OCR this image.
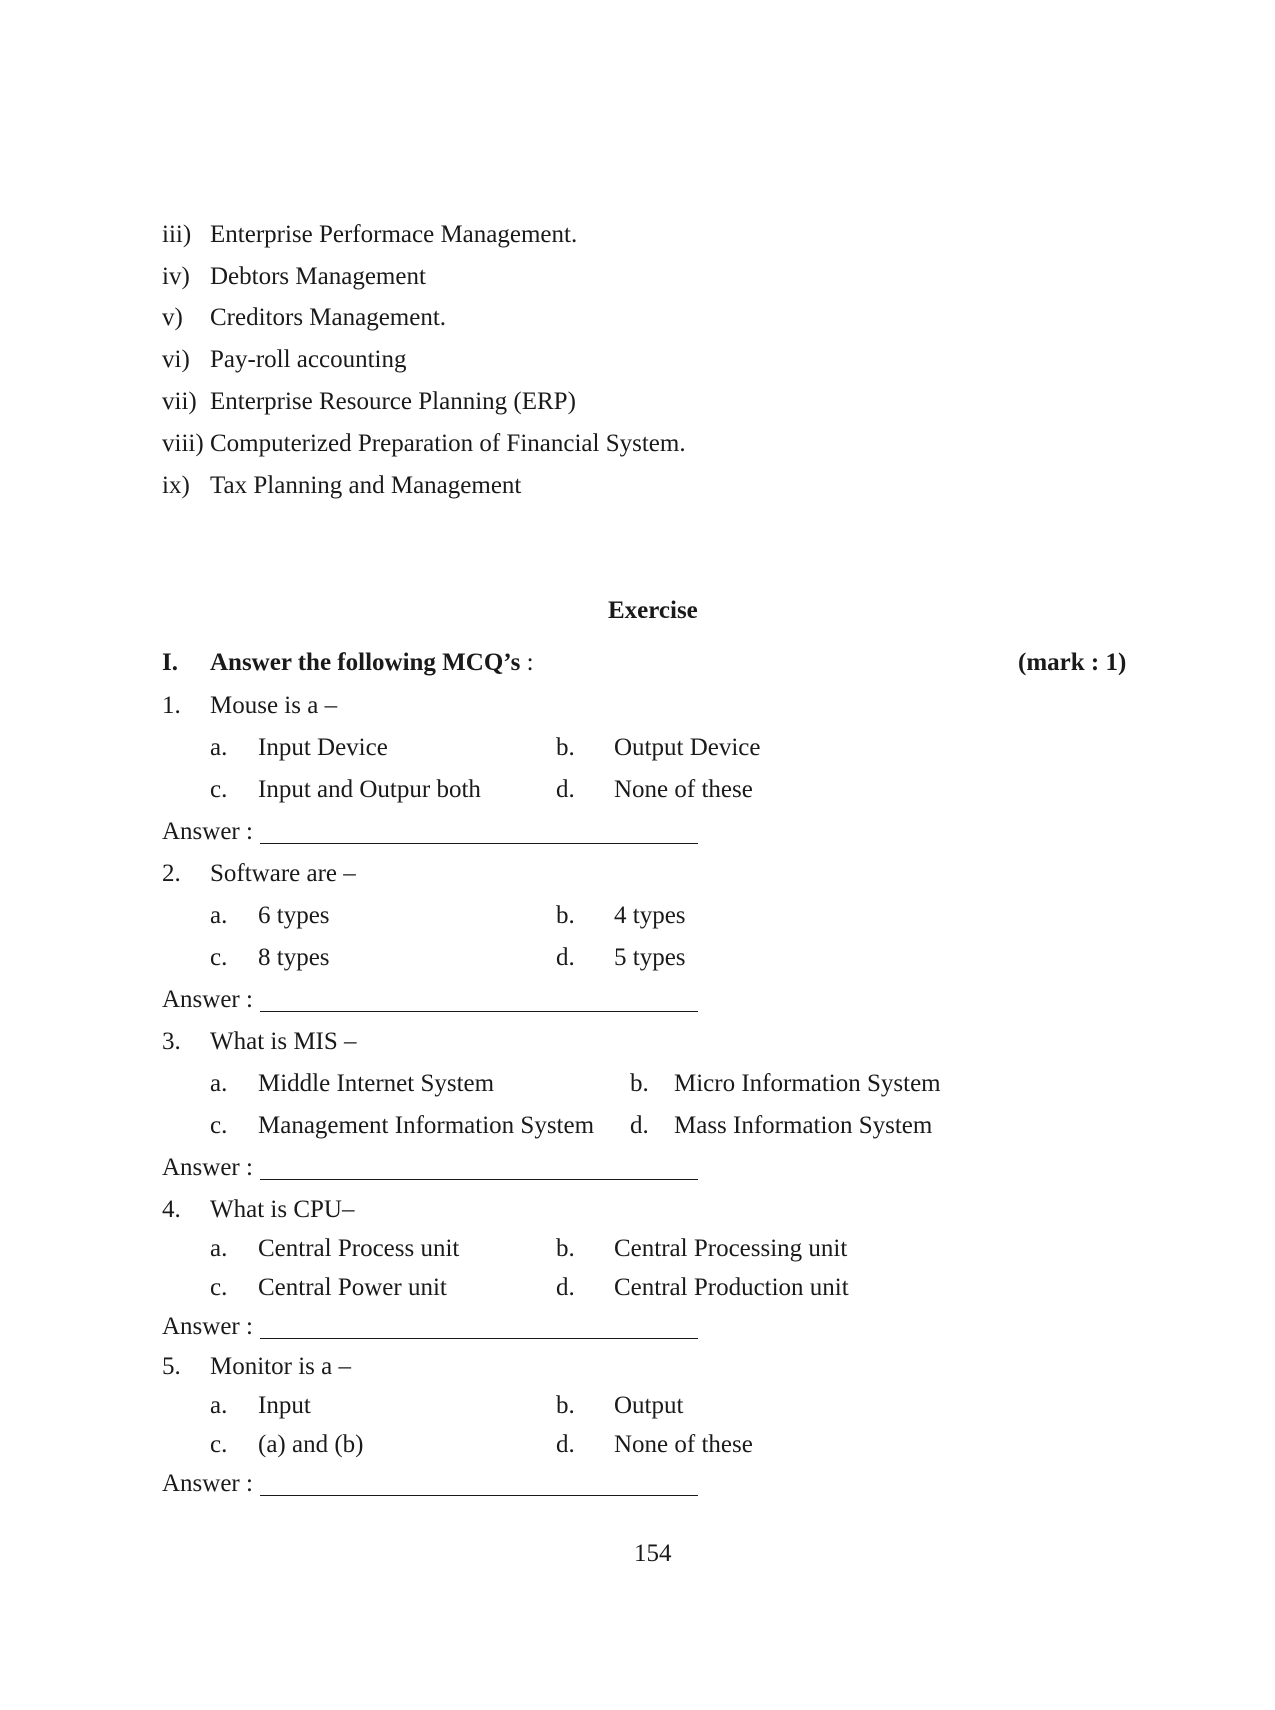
iii) Enterprise Performace Management.
iv) Debtors Management
v) Creditors Management.
vi) Pay-roll accounting
vii) Enterprise Resource Planning (ERP)
viii) Computerized Preparation of Financial System.
ix) Tax Planning and Management
Exercise
I. Answer the following MCQ’s :	(mark : 1)
1. Mouse is a –
a. Input Device	b. Output Device
c. Input and Outpur both	d. None of these
Answer :
2. Software are –
a. 6 types	b. 4 types
c. 8 types	d. 5 types
Answer :
3. What is MIS –
a. Middle Internet System	b. Micro Information System
c. Management Information System d. Mass Information System
Answer :
4. What is CPU–
a. Central Process unit	b. Central Processing unit
c. Central Power unit	d. Central Production unit
Answer :
5. Monitor is a –
a. Input	b. Output
c. (a) and (b)	d. None of these
Answer :
154
